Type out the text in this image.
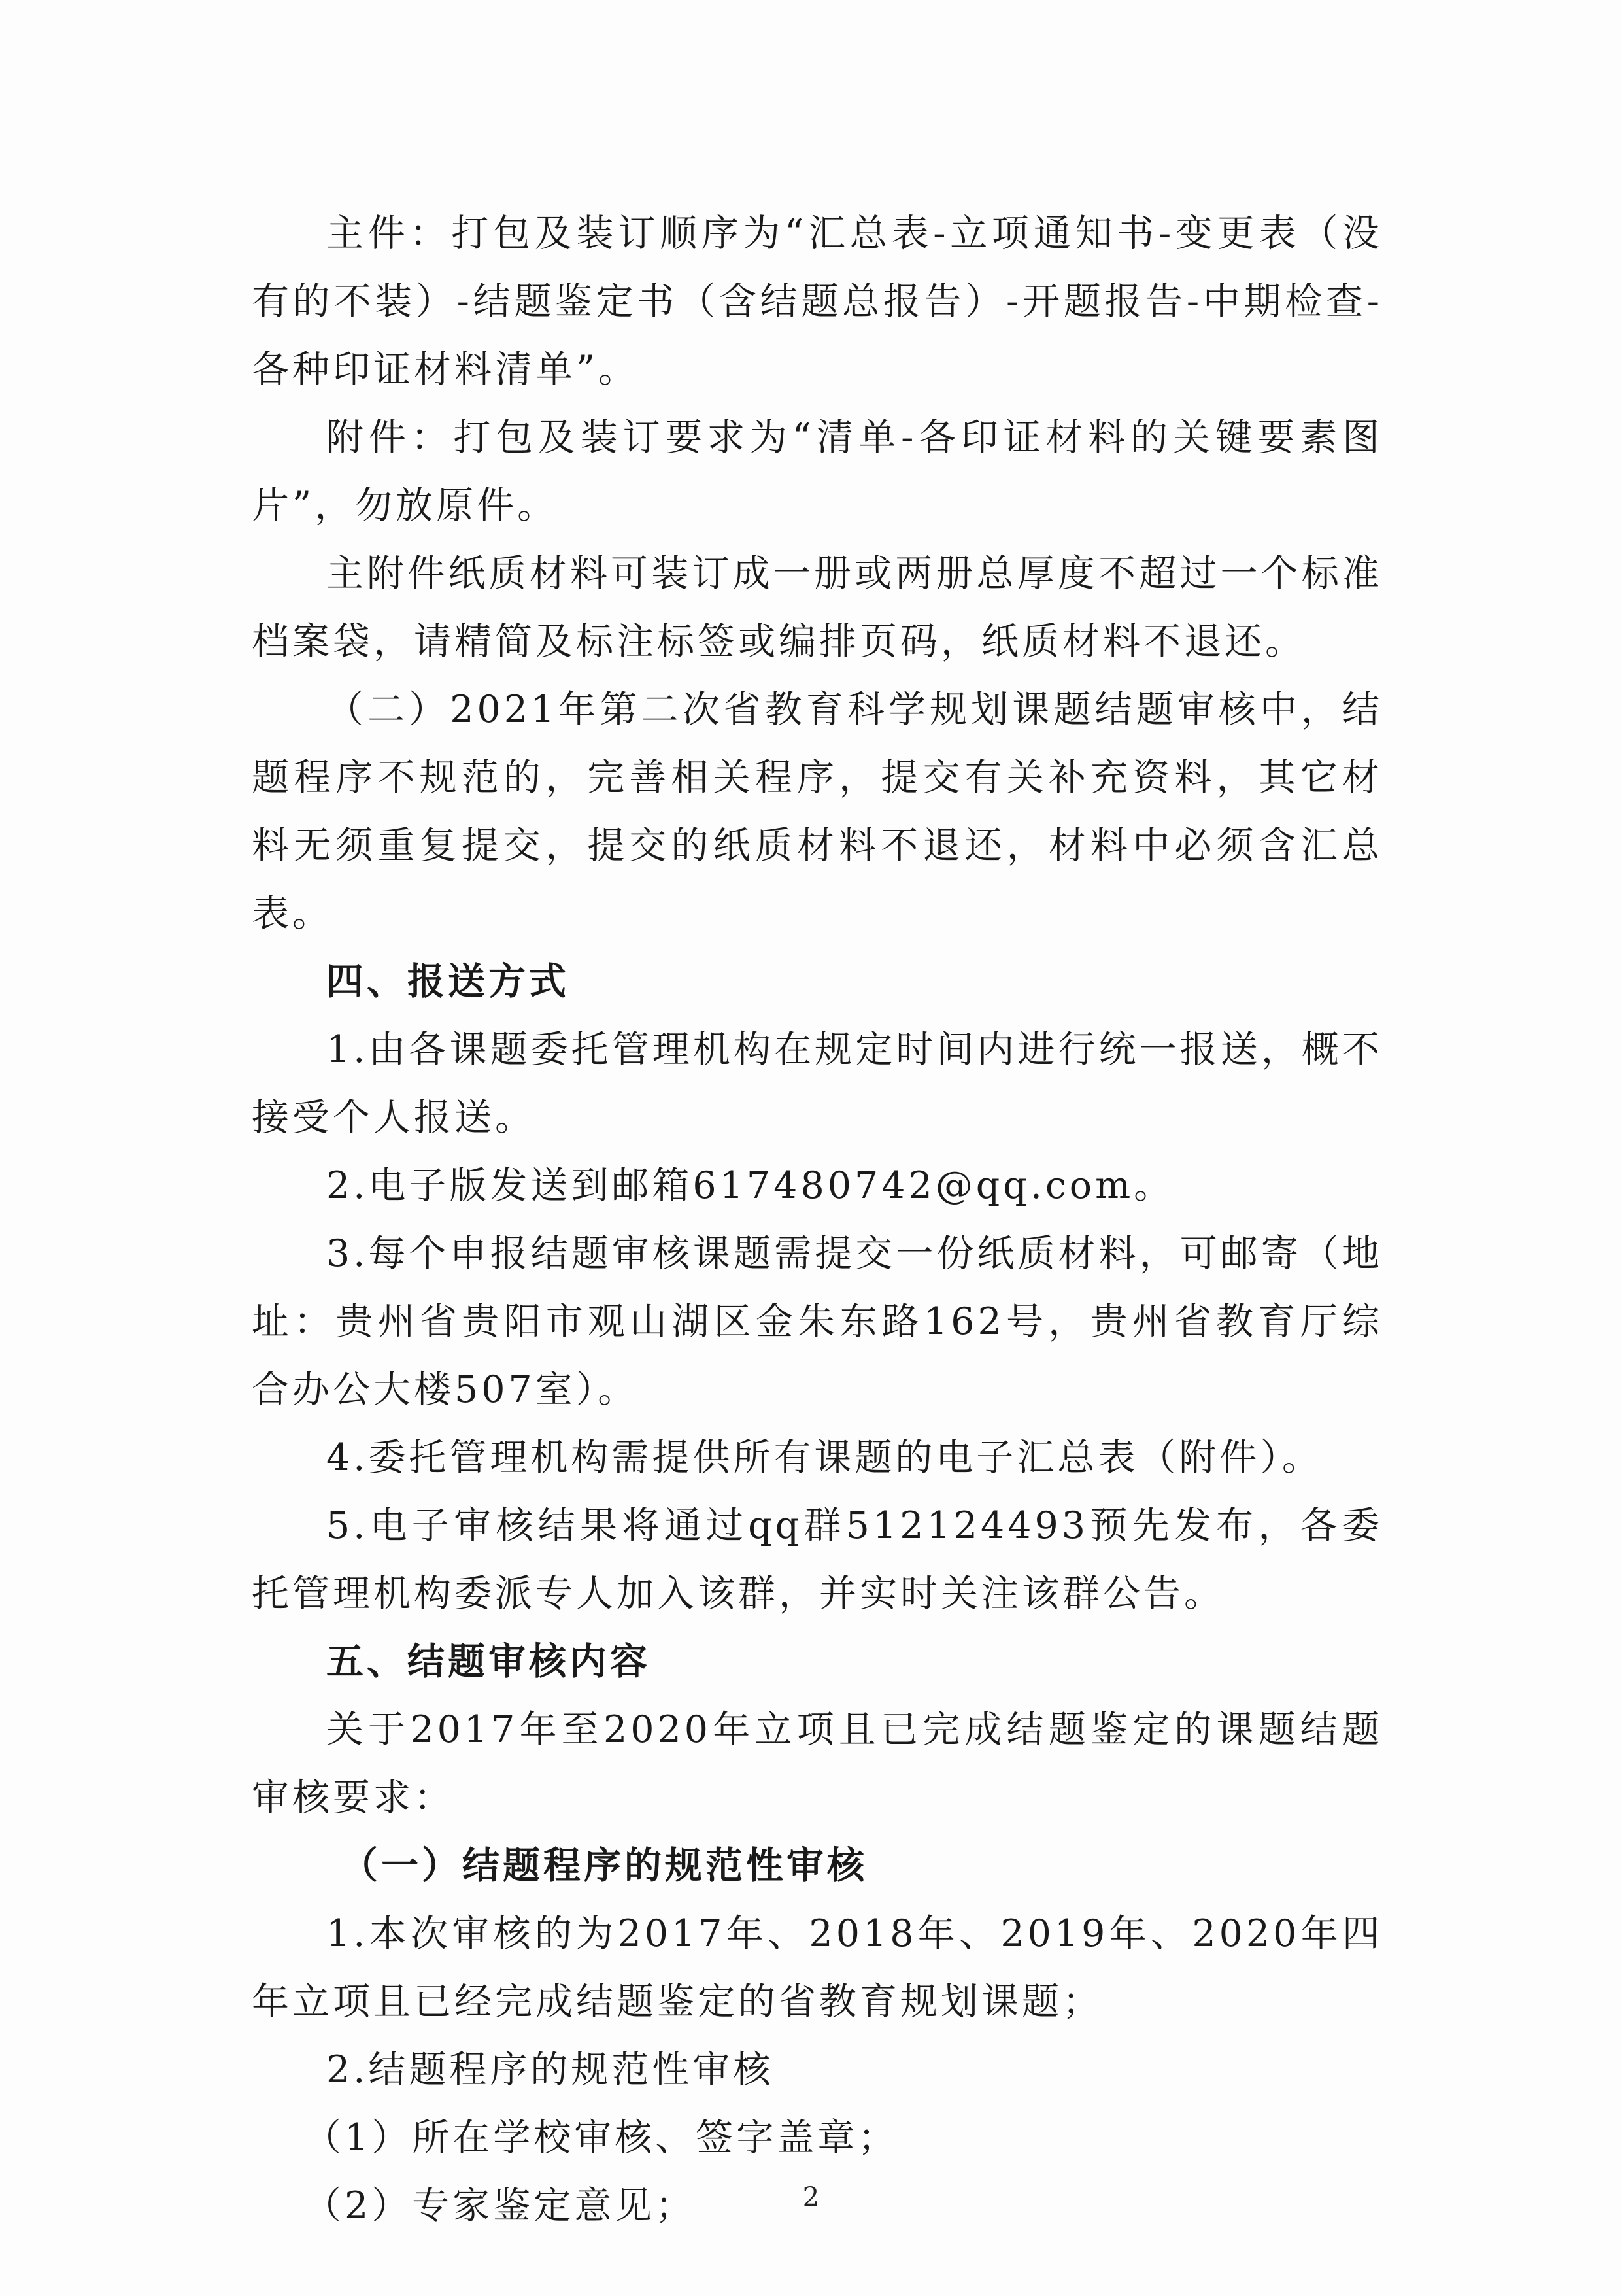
主件：打包及装订顺序为“汇总表-立项通知书-变更表（没有的不装）-结题鉴定书（含结题总报告）-开题报告-中期检查-各种印证材料清单”。

附件：打包及装订要求为“清单-各印证材料的关键要素图片”，勿放原件。

主附件纸质材料可装订成一册或两册总厚度不超过一个标准档案袋，请精简及标注标签或编排页码，纸质材料不退还。

（二）2021年第二次省教育科学规划课题结题审核中，结题程序不规范的，完善相关程序，提交有关补充资料，其它材料无须重复提交，提交的纸质材料不退还，材料中必须含汇总表。

四、报送方式

1.由各课题委托管理机构在规定时间内进行统一报送，概不接受个人报送。

2.电子版发送到邮箱617480742@qq.com。

3.每个申报结题审核课题需提交一份纸质材料，可邮寄（地址：贵州省贵阳市观山湖区金朱东路162号，贵州省教育厅综合办公大楼507室）。

4.委托管理机构需提供所有课题的电子汇总表（附件）。

5.电子审核结果将通过qq群512124493预先发布，各委托管理机构委派专人加入该群，并实时关注该群公告。

五、结题审核内容

关于2017年至2020年立项且已完成结题鉴定的课题结题审核要求：

（一）结题程序的规范性审核

1.本次审核的为2017年、2018年、2019年、2020年四年立项且已经完成结题鉴定的省教育规划课题；

2.结题程序的规范性审核

（1）所在学校审核、签字盖章；

（2）专家鉴定意见；	2
